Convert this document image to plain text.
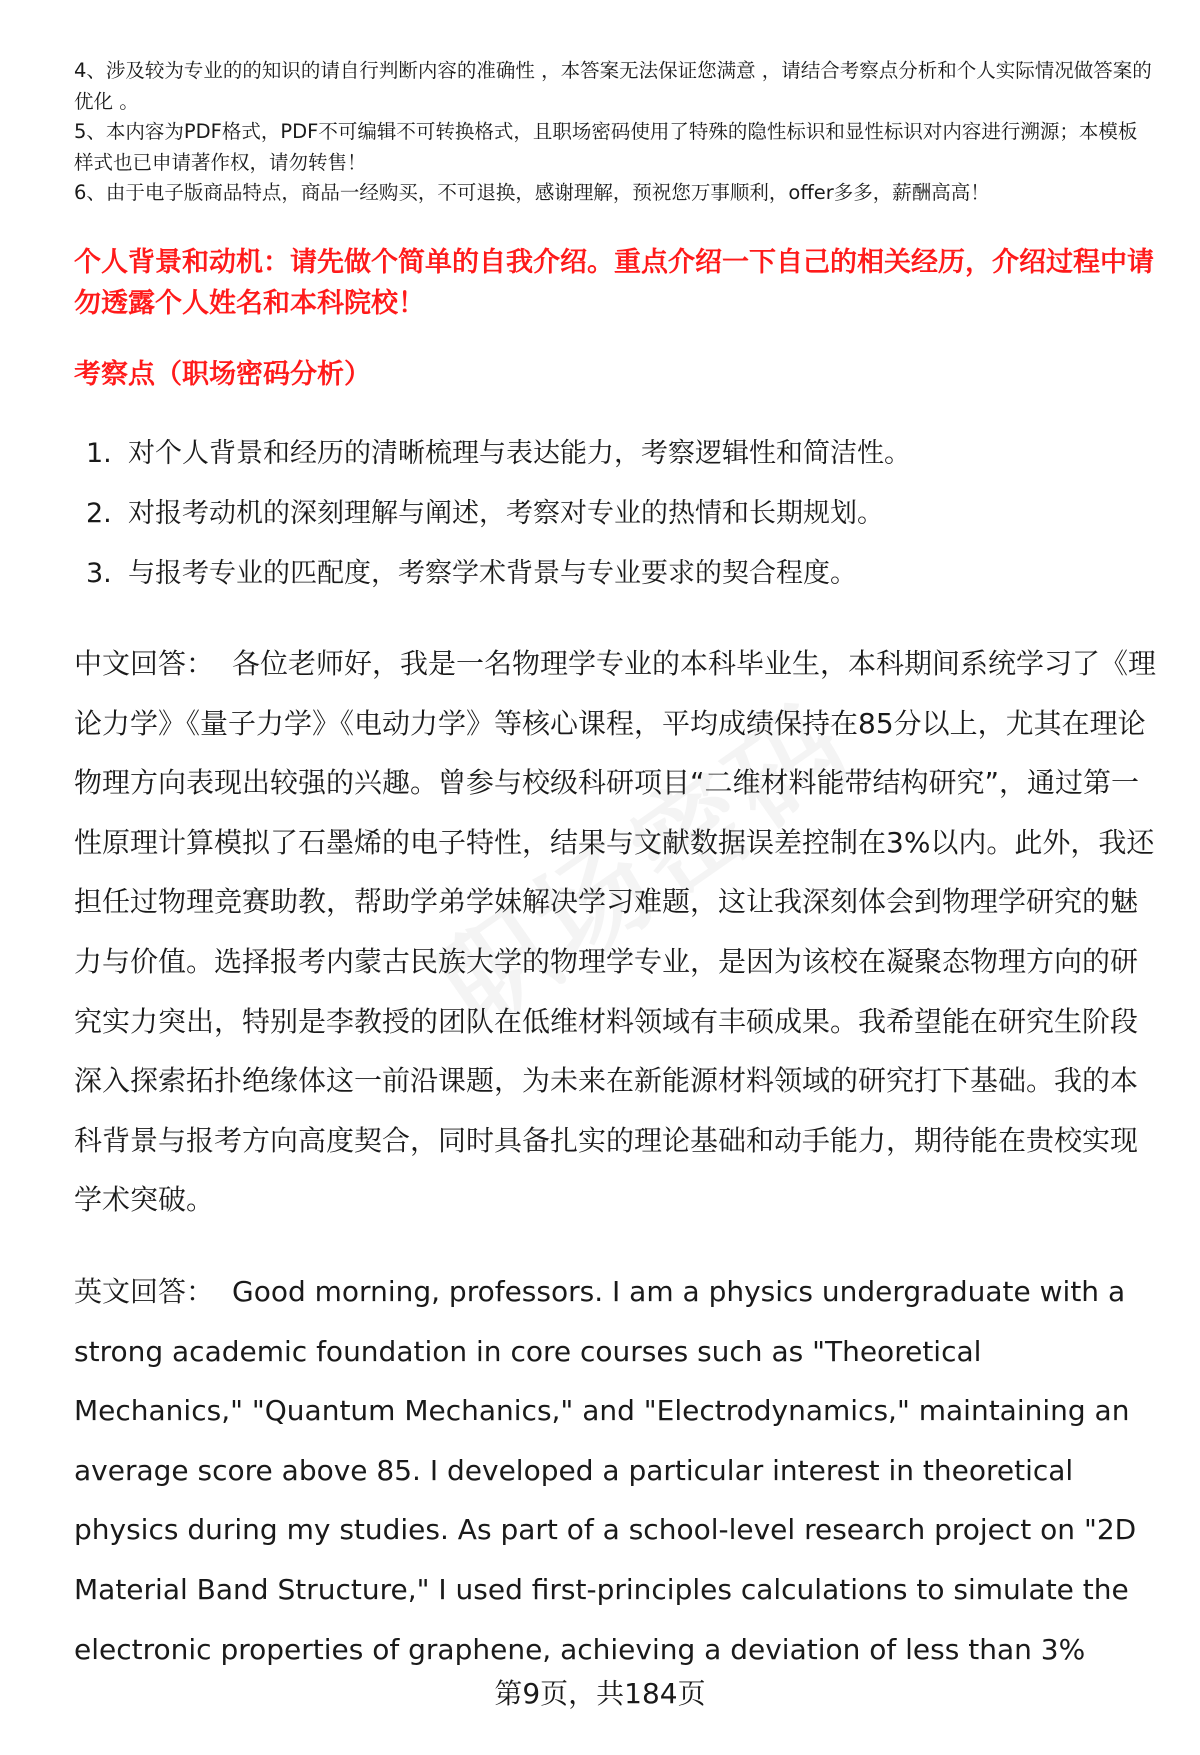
4、涉及较为专业的的知识的请自行判断内容的准确性 ，本答案无法保证您满意 ，请结合考察点分析和个人实际情况做答案的优化 。

5、本内容为PDF格式，PDF不可编辑不可转换格式，且职场密码使用了特殊的隐性标识和显性标识对内容进行溯源；本模板样式也已申请著作权，请勿转售！

6、由于电子版商品特点，商品一经购买，不可退换，感谢理解，预祝您万事顺利，offer多多，薪酬高高！

个人背景和动机：请先做个简单的自我介绍。重点介绍一下自己的相关经历，介绍过程中请勿透露个人姓名和本科院校！
考察点（职场密码分析）
1. 对个人背景和经历的清晰梳理与表达能力，考察逻辑性和简洁性。
2. 对报考动机的深刻理解与阐述，考察对专业的热情和长期规划。
3. 与报考专业的匹配度，考察学术背景与专业要求的契合程度。

中文回答： 各位老师好，我是一名物理学专业的本科毕业生，本科期间系统学习了《理论力学》《量子力学》《电动力学》等核心课程，平均成绩保持在85分以上，尤其在理论物理方向表现出较强的兴趣。曾参与校级科研项目“二维材料能带结构研究”，通过第一性原理计算模拟了石墨烯的电子特性，结果与文献数据误差控制在3%以内。此外，我还担任过物理竞赛助教，帮助学弟学妹解决学习难题，这让我深刻体会到物理学研究的魅力与价值。选择报考内蒙古民族大学的物理学专业，是因为该校在凝聚态物理方向的研究实力突出，特别是李教授的团队在低维材料领域有丰硕成果。我希望能在研究生阶段深入探索拓扑绝缘体这一前沿课题，为未来在新能源材料领域的研究打下基础。我的本科背景与报考方向高度契合，同时具备扎实的理论基础和动手能力，期待能在贵校实现学术突破。

英文回答： Good morning, professors. I am a physics undergraduate with a strong academic foundation in core courses such as "Theoretical Mechanics," "Quantum Mechanics," and "Electrodynamics," maintaining an average score above 85. I developed a particular interest in theoretical physics during my studies. As part of a school-level research project on "2D Material Band Structure," I used first-principles calculations to simulate the electronic properties of graphene, achieving a deviation of less than 3%

第9页，共184页
